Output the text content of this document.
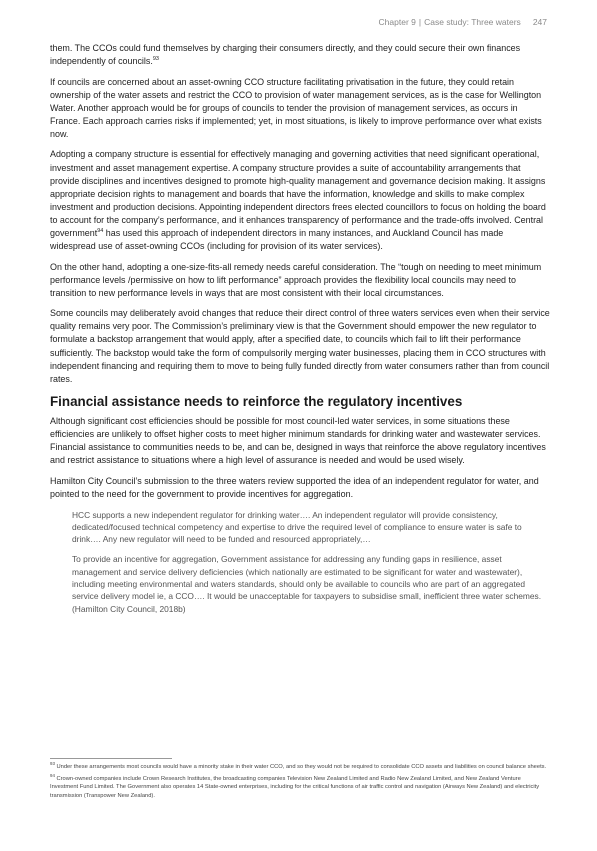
Chapter 9 | Case study: Three waters 247

them. The CCOs could fund themselves by charging their consumers directly, and they could secure their own finances independently of councils.$^{93}$

If councils are concerned about an asset-owning CCO structure facilitating privatisation in the future, they could retain ownership of the water assets and restrict the CCO to provision of water management services, as is the case for Wellington Water. Another approach would be for groups of councils to tender the provision of management services, as occurs in France. Each approach carries risks if implemented; yet, in most situations, is likely to improve performance over what exists now.

Adopting a company structure is essential for effectively managing and governing activities that need significant operational, investment and asset management expertise. A company structure provides a suite of accountability arrangements that provide disciplines and incentives designed to promote high-quality management and governance decision making. It assigns appropriate decision rights to management and boards that have the information, knowledge and skills to make complex investment and production decisions. Appointing independent directors frees elected councillors to focus on holding the board to account for the company’s performance, and it enhances transparency of performance and the trade-offs involved. Central government$^{94}$ has used this approach of independent directors in many instances, and Auckland Council has made widespread use of asset-owning CCOs (including for provision of its water services).

On the other hand, adopting a one-size-fits-all remedy needs careful consideration. The “tough on needing to meet minimum performance levels /permissive on how to lift performance” approach provides the flexibility local councils may need to transition to new performance levels in ways that are most consistent with their local circumstances.

Some councils may deliberately avoid changes that reduce their direct control of three waters services even when their service quality remains very poor. The Commission’s preliminary view is that the Government should empower the new regulator to formulate a backstop arrangement that would apply, after a specified date, to councils which fail to lift their performance sufficiently. The backstop would take the form of compulsorily merging water businesses, placing them in CCO structures with independent financing and requiring them to move to being fully funded directly from water consumers rather than from council rates.

Financial assistance needs to reinforce the regulatory incentives

Although significant cost efficiencies should be possible for most council-led water services, in some situations these efficiencies are unlikely to offset higher costs to meet higher minimum standards for drinking water and wastewater services. Financial assistance to communities needs to be, and can be, designed in ways that reinforce the above regulatory incentives and restrict assistance to situations where a high level of assurance is needed and would be used wisely.

Hamilton City Council’s submission to the three waters review supported the idea of an independent regulator for water, and pointed to the need for the government to provide incentives for aggregation.

HCC supports a new independent regulator for drinking water…. An independent regulator will provide consistency, dedicated/focused technical competency and expertise to drive the required level of compliance to ensure water is safe to drink…. Any new regulator will need to be funded and resourced appropriately,…

To provide an incentive for aggregation, Government assistance for addressing any funding gaps in resilience, asset management and service delivery deficiencies (which nationally are estimated to be significant for water and wastewater), including meeting environmental and waters standards, should only be available to councils who are part of an aggregated service delivery model ie, a CCO…. It would be unacceptable for taxpayers to subsidise small, inefficient three water schemes. (Hamilton City Council, 2018b)

$^{93}$ Under these arrangements most councils would have a minority stake in their water CCO, and so they would not be required to consolidate CCO assets and liabilities on council balance sheets.

$^{94}$ Crown-owned companies include Crown Research Institutes, the broadcasting companies Television New Zealand Limited and Radio New Zealand Limited, and New Zealand Venture Investment Fund Limited. The Government also operates 14 State-owned enterprises, including for the critical functions of air traffic control and navigation (Airways New Zealand) and electricity transmission (Transpower New Zealand).
